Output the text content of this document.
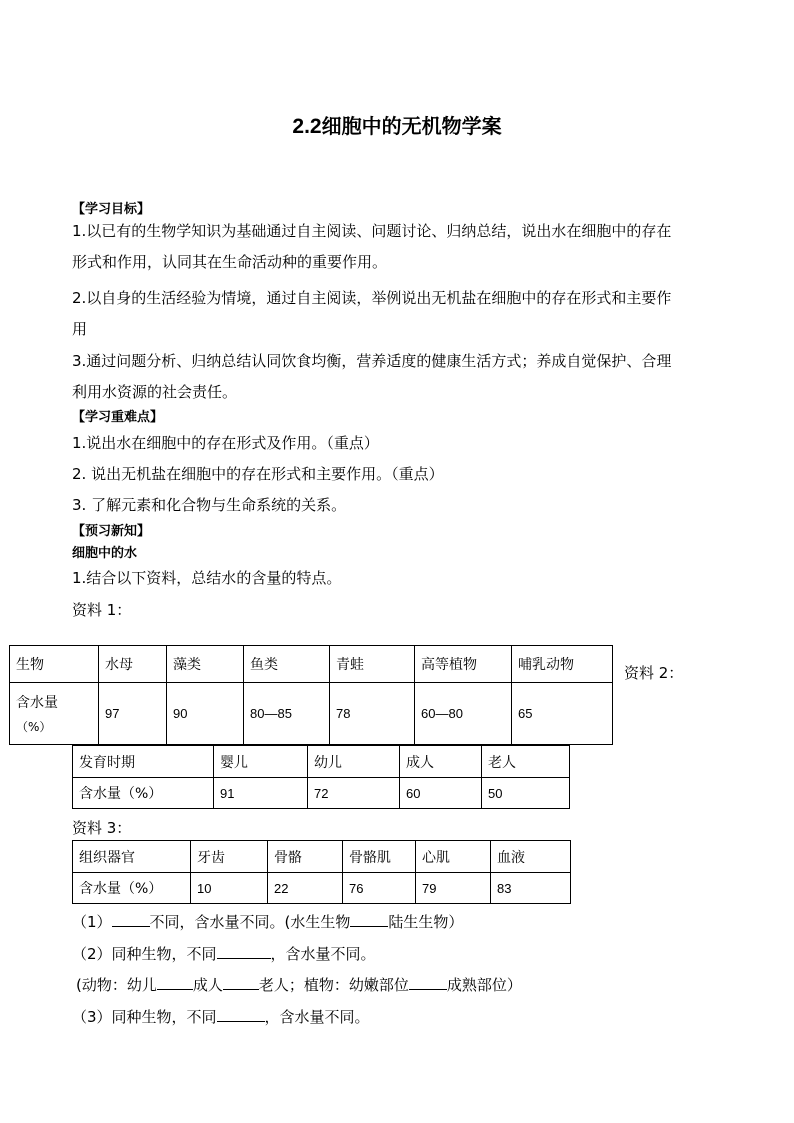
2.2细胞中的无机物学案
【学习目标】
1.以已有的生物学知识为基础通过自主阅读、问题讨论、归纳总结，说出水在细胞中的存在
形式和作用，认同其在生命活动种的重要作用。
2.以自身的生活经验为情境，通过自主阅读，举例说出无机盐在细胞中的存在形式和主要作
用
3.通过问题分析、归纳总结认同饮食均衡，营养适度的健康生活方式；养成自觉保护、合理
利用水资源的社会责任。
【学习重难点】
1.说出水在细胞中的存在形式及作用。（重点）
2. 说出无机盐在细胞中的存在形式和主要作用。（重点）
3. 了解元素和化合物与生命系统的关系。
【预习新知】
细胞中的水
1.结合以下资料，总结水的含量的特点。
资料 1：
生物	水母	藻类	鱼类	青蛙	高等植物	哺乳动物

含水量
（%）	97	90	80—85	78	60—80	65
资料 2：
发育时期	婴儿	幼儿	成人	老人
含水量（%）	91	72	60	50
资料 3：
组织器官	牙齿	骨骼	骨骼肌	心肌	血液
含水量（%）	10	22	76	79	83
（1）	不同，含水量不同。(水生生物	陆生生物）
（2）同种生物，不同	，含水量不同。
(动物：幼儿 成人 老人；植物：幼嫩部位	成熟部位）
（3）同种生物，不同	，含水量不同。
